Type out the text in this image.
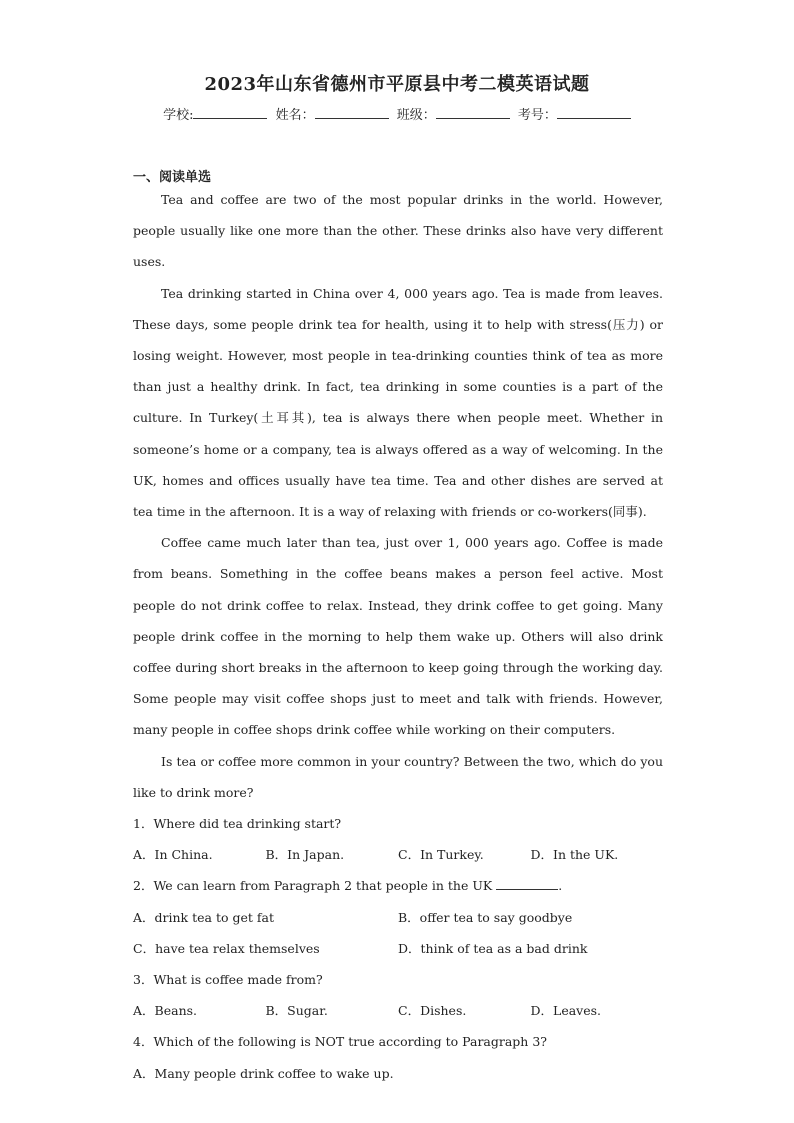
2023年山东省德州市平原县中考二模英语试题
学校:	姓名：	班级：	考号：
一、阅读单选

Tea and coffee are two of the most popular drinks in the world. However, people usually like one more than the other. These drinks also have very different uses.

Tea drinking started in China over 4, 000 years ago. Tea is made from leaves. These days, some people drink tea for health, using it to help with stress(压力) or losing weight. However, most people in tea-drinking counties think of tea as more than just a healthy drink. In fact, tea drinking in some counties is a part of the culture. In Turkey(土耳其), tea is always there when people meet. Whether in someone’s home or a company, tea is always offered as a way of welcoming. In the UK, homes and offices usually have tea time. Tea and other dishes are served at tea time in the afternoon. It is a way of relaxing with friends or co-workers(同事).

Coffee came much later than tea, just over 1, 000 years ago. Coffee is made from beans. Something in the coffee beans makes a person feel active. Most people do not drink coffee to relax. Instead, they drink coffee to get going. Many people drink coffee in the morning to help them wake up. Others will also drink coffee during short breaks in the afternoon to keep going through the working day. Some people may visit coffee shops just to meet and talk with friends. However, many people in coffee shops drink coffee while working on their computers.

Is tea or coffee more common in your country? Between the two, which do you like to drink more?

1．Where did tea drinking start?

A．In China.	B．In Japan.	C．In Turkey.	D．In the UK.

2．We can learn from Paragraph 2 that people in the UK	.

A．drink tea to get fat	B．offer tea to say goodbye
C．have tea relax themselves	D．think of tea as a bad drink

3．What is coffee made from?

A．Beans.	B．Sugar.	C．Dishes.	D．Leaves.

4．Which of the following is NOT true according to Paragraph 3?

A．Many people drink coffee to wake up.
